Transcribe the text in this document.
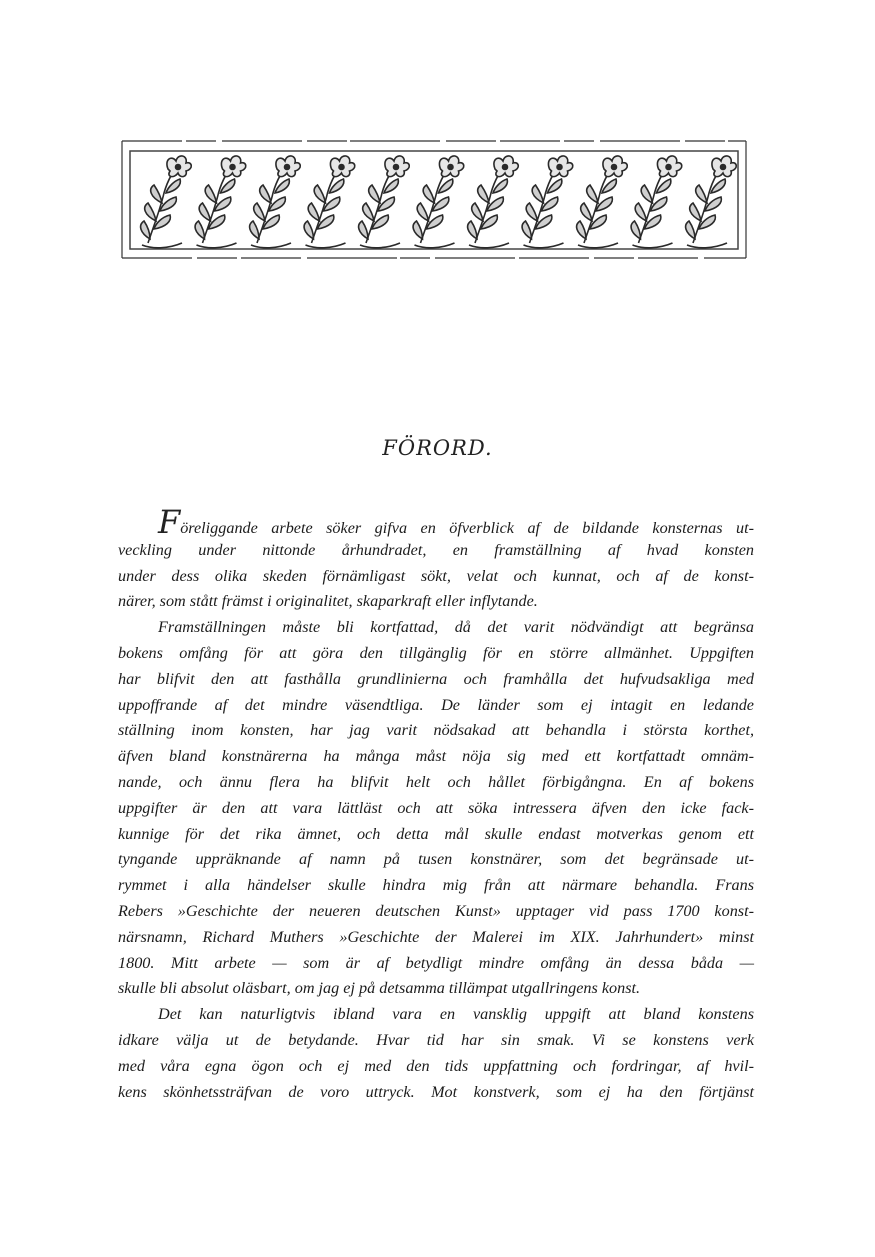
FÖRORD.
Föreliggande arbete söker gifva en öfverblick af de bildande konsternas ut-
veckling under nittonde århundradet, en framställning af hvad konsten
under dess olika skeden förnämligast sökt, velat och kunnat, och af de konst-
närer, som stått främst i originalitet, skaparkraft eller inflytande.
Framställningen måste bli kortfattad, då det varit nödvändigt att begränsa
bokens omfång för att göra den tillgänglig för en större allmänhet. Uppgiften
har blifvit den att fasthålla grundlinierna och framhålla det hufvudsakliga med
uppoffrande af det mindre väsendtliga. De länder som ej intagit en ledande
ställning inom konsten, har jag varit nödsakad att behandla i största korthet,
äfven bland konstnärerna ha många måst nöja sig med ett kortfattadt omnäm-
nande, och ännu flera ha blifvit helt och hållet förbigångna. En af bokens
uppgifter är den att vara lättläst och att söka intressera äfven den icke fack-
kunnige för det rika ämnet, och detta mål skulle endast motverkas genom ett
tyngande uppräknande af namn på tusen konstnärer, som det begränsade ut-
rymmet i alla händelser skulle hindra mig från att närmare behandla. Frans
Rebers »Geschichte der neueren deutschen Kunst» upptager vid pass 1700 konst-
närsnamn, Richard Muthers »Geschichte der Malerei im XIX. Jahrhundert» minst
1800. Mitt arbete — som är af betydligt mindre omfång än dessa båda —
skulle bli absolut oläsbart, om jag ej på detsamma tillämpat utgallringens konst.
Det kan naturligtvis ibland vara en vansklig uppgift att bland konstens
idkare välja ut de betydande. Hvar tid har sin smak. Vi se konstens verk
med våra egna ögon och ej med den tids uppfattning och fordringar, af hvil-
kens skönhetssträfvan de voro uttryck. Mot konstverk, som ej ha den förtjänst
